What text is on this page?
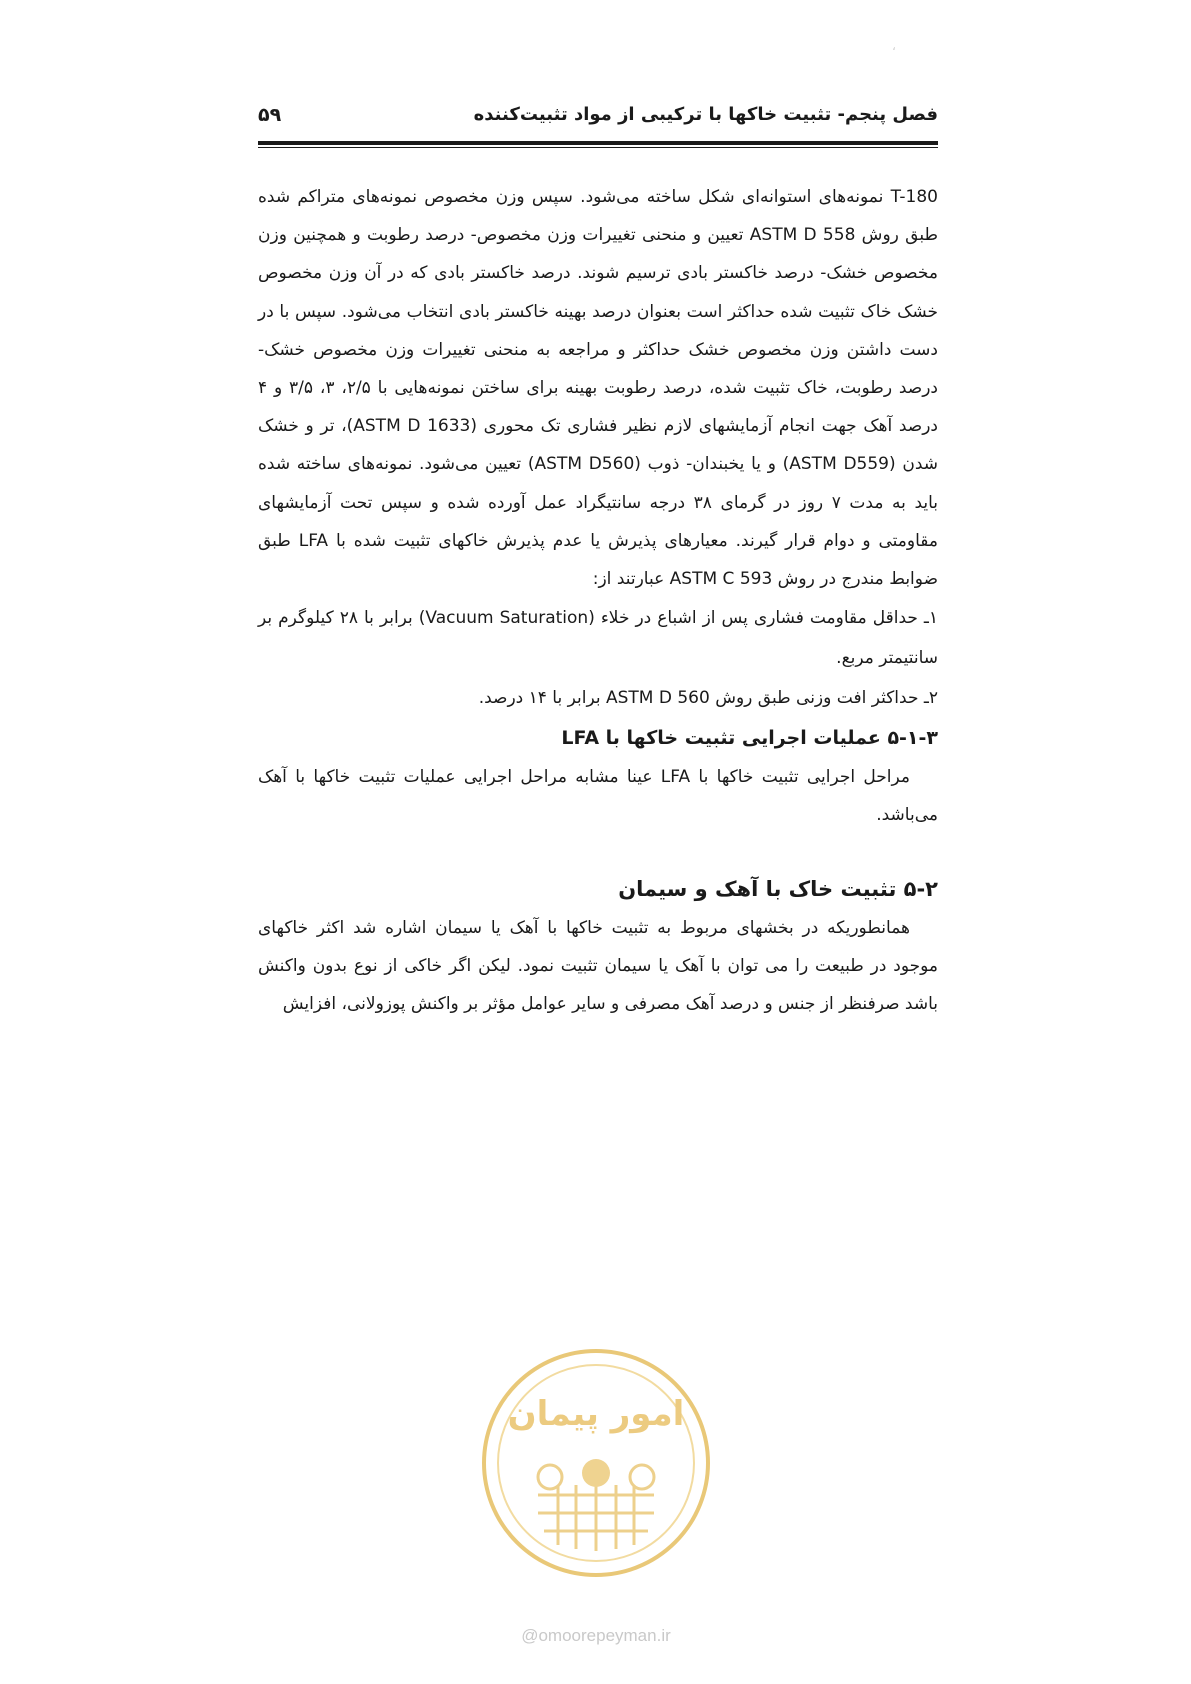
،
۵۹	فصل پنجم- تثبیت خاکها با ترکیبی از مواد تثبیت‌کننده

T-180 نمونه‌های استوانه‌ای شکل ساخته می‌شود. سپس وزن مخصوص نمونه‌های متراکم شده طبق روش ASTM D 558 تعیین و منحنی تغییرات وزن مخصوص- درصد رطوبت و همچنین وزن مخصوص خشک- درصد خاکستر بادی ترسیم شوند. درصد خاکستر بادی که در آن وزن مخصوص خشک خاک تثبیت شده حداکثر است بعنوان درصد بهینه خاکستر بادی انتخاب می‌شود. سپس با در دست داشتن وزن مخصوص خشک حداکثر و مراجعه به منحنی تغییرات وزن مخصوص خشک-درصد رطوبت، خاک تثبیت شده، درصد رطوبت بهینه برای ساختن نمونه‌هایی با ۲/۵، ۳، ۳/۵ و ۴ درصد آهک جهت انجام آزمایشهای لازم نظیر فشاری تک محوری (ASTM D 1633)، تر و خشک شدن (ASTM D559) و یا یخبندان- ذوب (ASTM D560) تعیین می‌شود. نمونه‌های ساخته شده باید به مدت ۷ روز در گرمای ۳۸ درجه سانتیگراد عمل آورده شده و سپس تحت آزمایشهای مقاومتی و دوام قرار گیرند. معیارهای پذیرش یا عدم پذیرش خاکهای تثبیت شده با LFA طبق ضوابط مندرج در روش ASTM C 593 عبارتند از:

۱ـ حداقل مقاومت فشاری پس از اشباع در خلاء (Vacuum Saturation) برابر با ۲۸ کیلوگرم بر سانتیمتر مربع.

۲ـ حداکثر افت وزنی طبق روش ASTM D 560 برابر با ۱۴ درصد.

۵-۱-۳ عملیات اجرایی تثبیت خاکها با LFA

مراحل اجرایی تثبیت خاکها با LFA عینا مشابه مراحل اجرایی عملیات تثبیت خاکها با آهک می‌باشد.

۵-۲ تثبیت خاک با آهک و سیمان

همانطوریکه در بخشهای مربوط به تثبیت خاکها با آهک یا سیمان اشاره شد اکثر خاکهای موجود در طبیعت را می توان با آهک یا سیمان تثبیت نمود. لیکن اگر خاکی از نوع بدون واکنش باشد صرفنظر از جنس و درصد آهک مصرفی و سایر عوامل مؤثر بر واکنش پوزولانی، افزایش

امور پیمان
@omoorepeyman.ir
